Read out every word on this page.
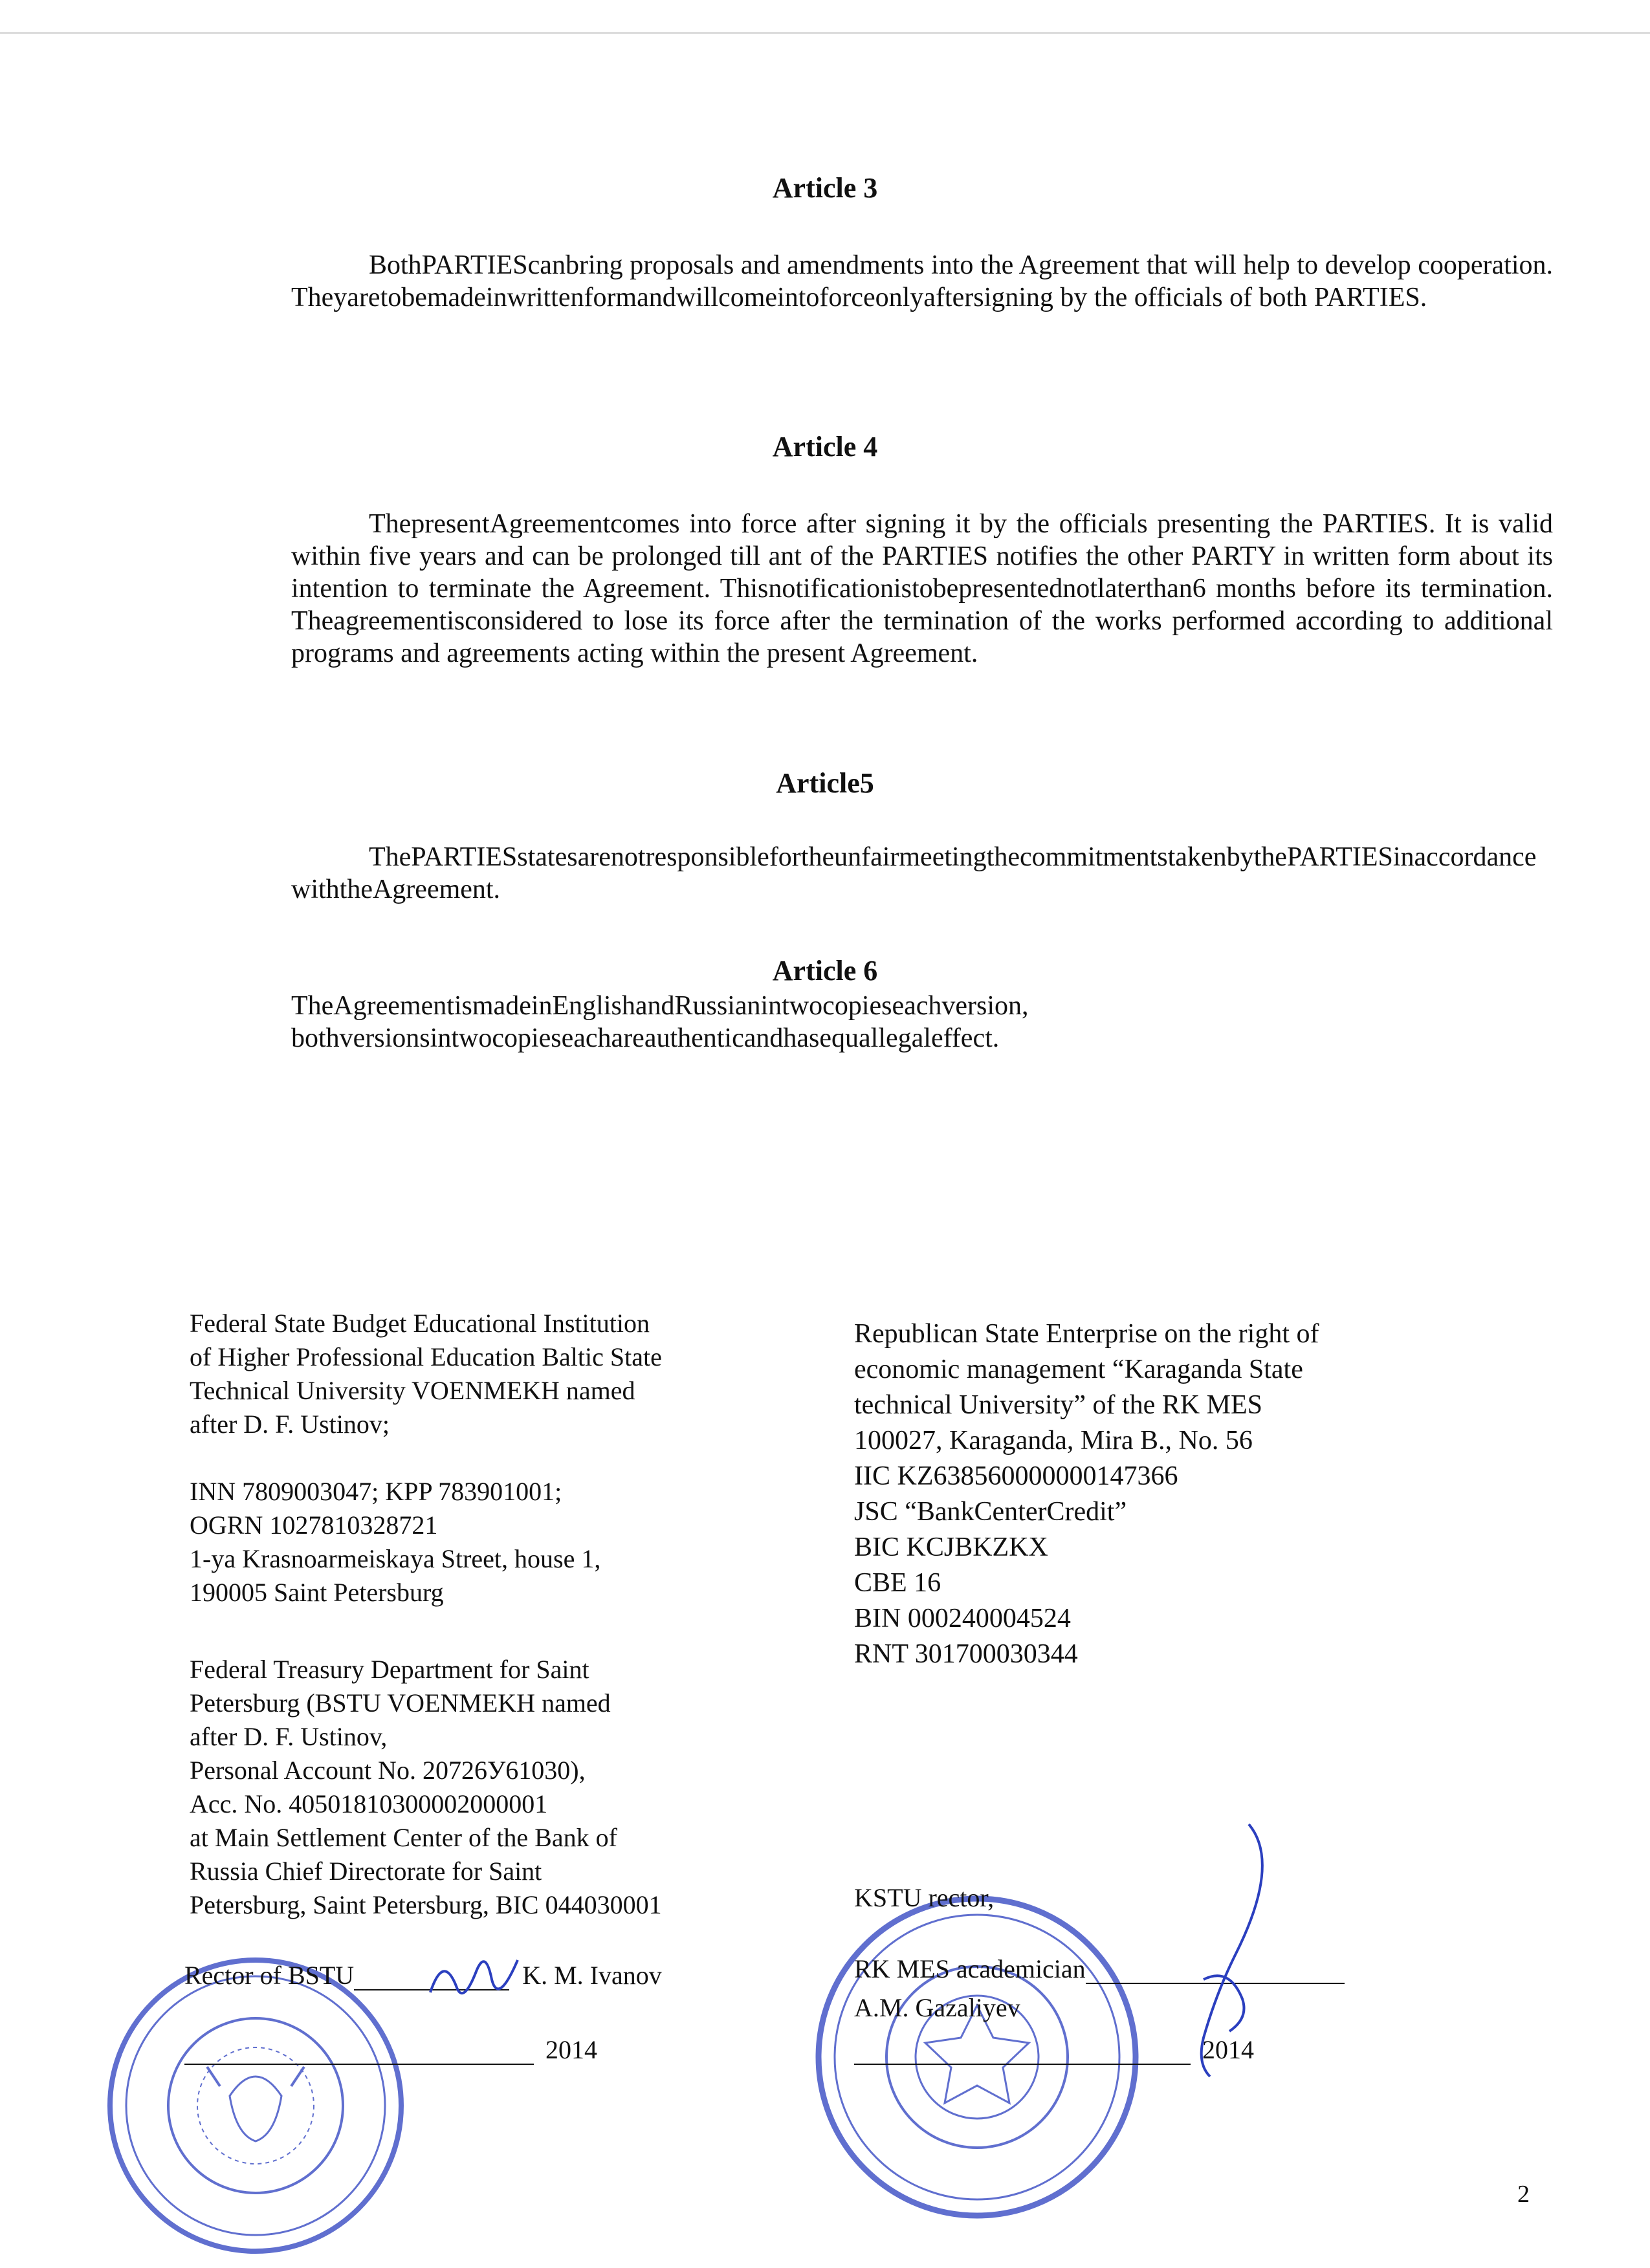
Article 3
BothPARTIEScanbring proposals and amendments into the Agreement that will help to develop cooperation. Theyaretobemadeinwrittenformandwillcomeintoforceonlyaftersigning by the officials of both PARTIES.
Article 4
ThepresentAgreementcomes into force after signing it by the officials presenting the PARTIES. It is valid within five years and can be prolonged till ant of the PARTIES notifies the other PARTY in written form about its intention to terminate the Agreement. Thisnotificationistobepresentednotlaterthan6 months before its termination. Theagreementisconsidered to lose its force after the termination of the works performed according to additional programs and agreements acting within the present Agreement.
Article5
ThePARTIESstatesarenotresponsiblefortheunfairmeetingthecommitmentstakenbythePARTIESinaccordancewiththeAgreement.
Article 6
TheAgreementismadeinEnglishandRussianintwocopieseachversion,
bothversionsintwocopieseachareauthenticandhasequallegaleffect.

Federal State Budget Educational Institution

of Higher Professional Education Baltic State

Technical University VOENMEKH named

after D. F. Ustinov;

INN 7809003047; KPP 783901001;

OGRN 1027810328721

1-ya Krasnoarmeiskaya Street, house 1,

190005 Saint Petersburg

Federal Treasury Department for Saint

Petersburg (BSTU VOENMEKH named

after D. F. Ustinov,

Personal Account No. 20726У61030),

Acc. No. 40501810300002000001

at Main Settlement Center of the Bank of

Russia Chief Directorate for Saint

Petersburg, Saint Petersburg, BIC 044030001

Republican State Enterprise on the right of

economic management “Karaganda State

technical University” of the RK MES

100027, Karaganda, Mira B., No. 56

IIC KZ638560000000147366

JSC “BankCenterCredit”

BIC KCJBKZKX

CBE 16

BIN 000240004524

RNT 301700030344

Rector of BSTU	K. M. Ivanov
2014
KSTU rector,
RK MES academician
A.M. Gazaliyev
2014
2
